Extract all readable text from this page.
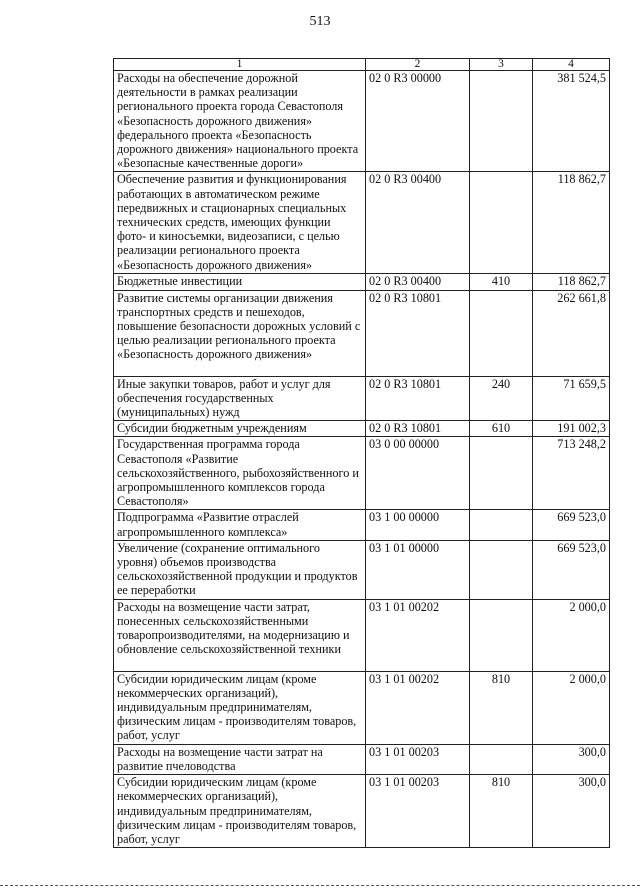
513
1	2	3	4
Расходы на обеспечение дорожной деятельности в рамках реализации регионального проекта города Севастополя «Безопасность дорожного движения» федерального проекта «Безопасность дорожного движения» национального проекта «Безопасные качественные дороги»	02 0 R3 00000		381 524,5
Обеспечение развития и функционирования работающих в автоматическом режиме передвижных и стационарных специальных технических средств, имеющих функции фото- и киносъемки, видеозаписи, с целью реализации регионального проекта «Безопасность дорожного движения»	02 0 R3 00400		118 862,7
Бюджетные инвестиции	02 0 R3 00400	410	118 862,7
Развитие системы организации движения транспортных средств и пешеходов, повышение безопасности дорожных условий с целью реализации регионального проекта «Безопасность дорожного движения»	02 0 R3 10801		262 661,8
Иные закупки товаров, работ и услуг для обеспечения государственных (муниципальных) нужд	02 0 R3 10801	240	71 659,5
Субсидии бюджетным учреждениям	02 0 R3 10801	610	191 002,3
Государственная программа города Севастополя «Развитие сельскохозяйственного, рыбохозяйственного и агропромышленного комплексов города Севастополя»	03 0 00 00000		713 248,2
Подпрограмма «Развитие отраслей агропромышленного комплекса»	03 1 00 00000		669 523,0
Увеличение (сохранение оптимального уровня) объемов производства сельскохозяйственной продукции и продуктов ее переработки	03 1 01 00000		669 523,0
Расходы на возмещение части затрат, понесенных сельскохозяйственными товаропроизводителями, на модернизацию и обновление сельскохозяйственной техники	03 1 01 00202		2 000,0
Субсидии юридическим лицам (кроме некоммерческих организаций), индивидуальным предпринимателям, физическим лицам - производителям товаров, работ, услуг	03 1 01 00202	810	2 000,0
Расходы на возмещение части затрат на развитие пчеловодства	03 1 01 00203		300,0
Субсидии юридическим лицам (кроме некоммерческих организаций), индивидуальным предпринимателям, физическим лицам - производителям товаров, работ, услуг	03 1 01 00203	810	300,0
